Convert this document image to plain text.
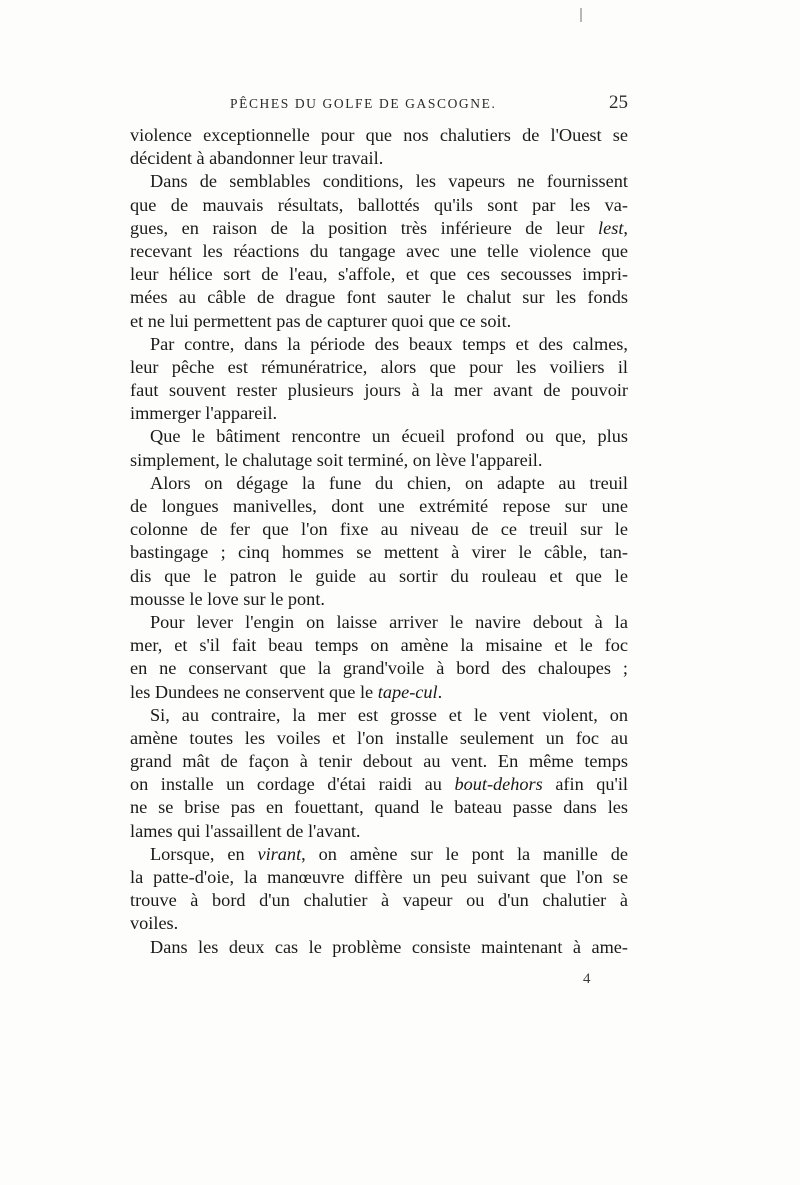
PÊCHES DU GOLFE DE GASCOGNE.	25
violence exceptionnelle pour que nos chalutiers de l'Ouest se
décident à abandonner leur travail.
Dans de semblables conditions, les vapeurs ne fournissent
que de mauvais résultats, ballottés qu'ils sont par les va-
gues, en raison de la position très inférieure de leur lest,
recevant les réactions du tangage avec une telle violence que
leur hélice sort de l'eau, s'affole, et que ces secousses impri-
mées au câble de drague font sauter le chalut sur les fonds
et ne lui permettent pas de capturer quoi que ce soit.
Par contre, dans la période des beaux temps et des calmes,
leur pêche est rémunératrice, alors que pour les voiliers il
faut souvent rester plusieurs jours à la mer avant de pouvoir
immerger l'appareil.
Que le bâtiment rencontre un écueil profond ou que, plus
simplement, le chalutage soit terminé, on lève l'appareil.
Alors on dégage la fune du chien, on adapte au treuil
de longues manivelles, dont une extrémité repose sur une
colonne de fer que l'on fixe au niveau de ce treuil sur le
bastingage ; cinq hommes se mettent à virer le câble, tan-
dis que le patron le guide au sortir du rouleau et que le
mousse le love sur le pont.
Pour lever l'engin on laisse arriver le navire debout à la
mer, et s'il fait beau temps on amène la misaine et le foc
en ne conservant que la grand'voile à bord des chaloupes ;
les Dundees ne conservent que le tape-cul.
Si, au contraire, la mer est grosse et le vent violent, on
amène toutes les voiles et l'on installe seulement un foc au
grand mât de façon à tenir debout au vent. En même temps
on installe un cordage d'étai raidi au bout-dehors afin qu'il
ne se brise pas en fouettant, quand le bateau passe dans les
lames qui l'assaillent de l'avant.
Lorsque, en virant, on amène sur le pont la manille de
la patte-d'oie, la manœuvre diffère un peu suivant que l'on se
trouve à bord d'un chalutier à vapeur ou d'un chalutier à
voiles.
Dans les deux cas le problème consiste maintenant à ame-
4
